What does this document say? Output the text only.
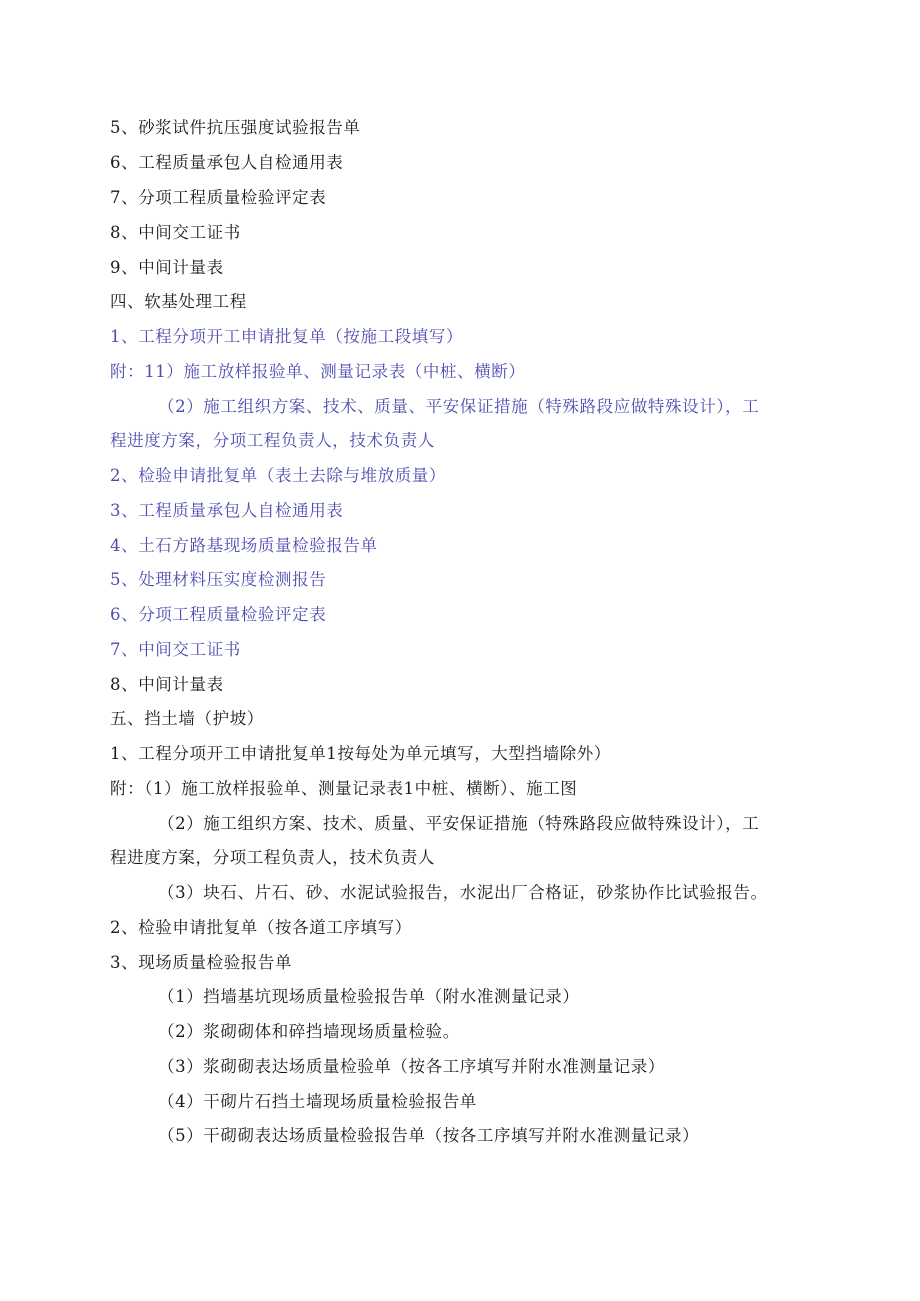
5、砂浆试件抗压强度试验报告单
6、工程质量承包人自检通用表
7、分项工程质量检验评定表
8、中间交工证书
9、中间计量表
四、软基处理工程
1、工程分项开工申请批复单（按施工段填写）
附：11）施工放样报验单、测量记录表（中桩、横断）
（2）施工组织方案、技术、质量、平安保证措施（特殊路段应做特殊设计），工
程进度方案，分项工程负责人，技术负责人
2、检验申请批复单（表土去除与堆放质量）
3、工程质量承包人自检通用表
4、土石方路基现场质量检验报告单
5、处理材料压实度检测报告
6、分项工程质量检验评定表
7、中间交工证书
8、中间计量表
五、挡土墙（护坡）
1、工程分项开工申请批复单1按每处为单元填写，大型挡墙除外）
附：（1）施工放样报验单、测量记录表1中桩、横断）、施工图
（2）施工组织方案、技术、质量、平安保证措施（特殊路段应做特殊设计），工
程进度方案，分项工程负责人，技术负责人
（3）块石、片石、砂、水泥试验报告，水泥出厂合格证，砂浆协作比试验报告。
2、检验申请批复单（按各道工序填写）
3、现场质量检验报告单
（1）挡墙基坑现场质量检验报告单（附水准测量记录）
（2）浆砌砌体和碎挡墙现场质量检验。
（3）浆砌砌表达场质量检验单（按各工序填写并附水准测量记录）
（4）干砌片石挡土墙现场质量检验报告单
（5）干砌砌表达场质量检验报告单（按各工序填写并附水准测量记录）
